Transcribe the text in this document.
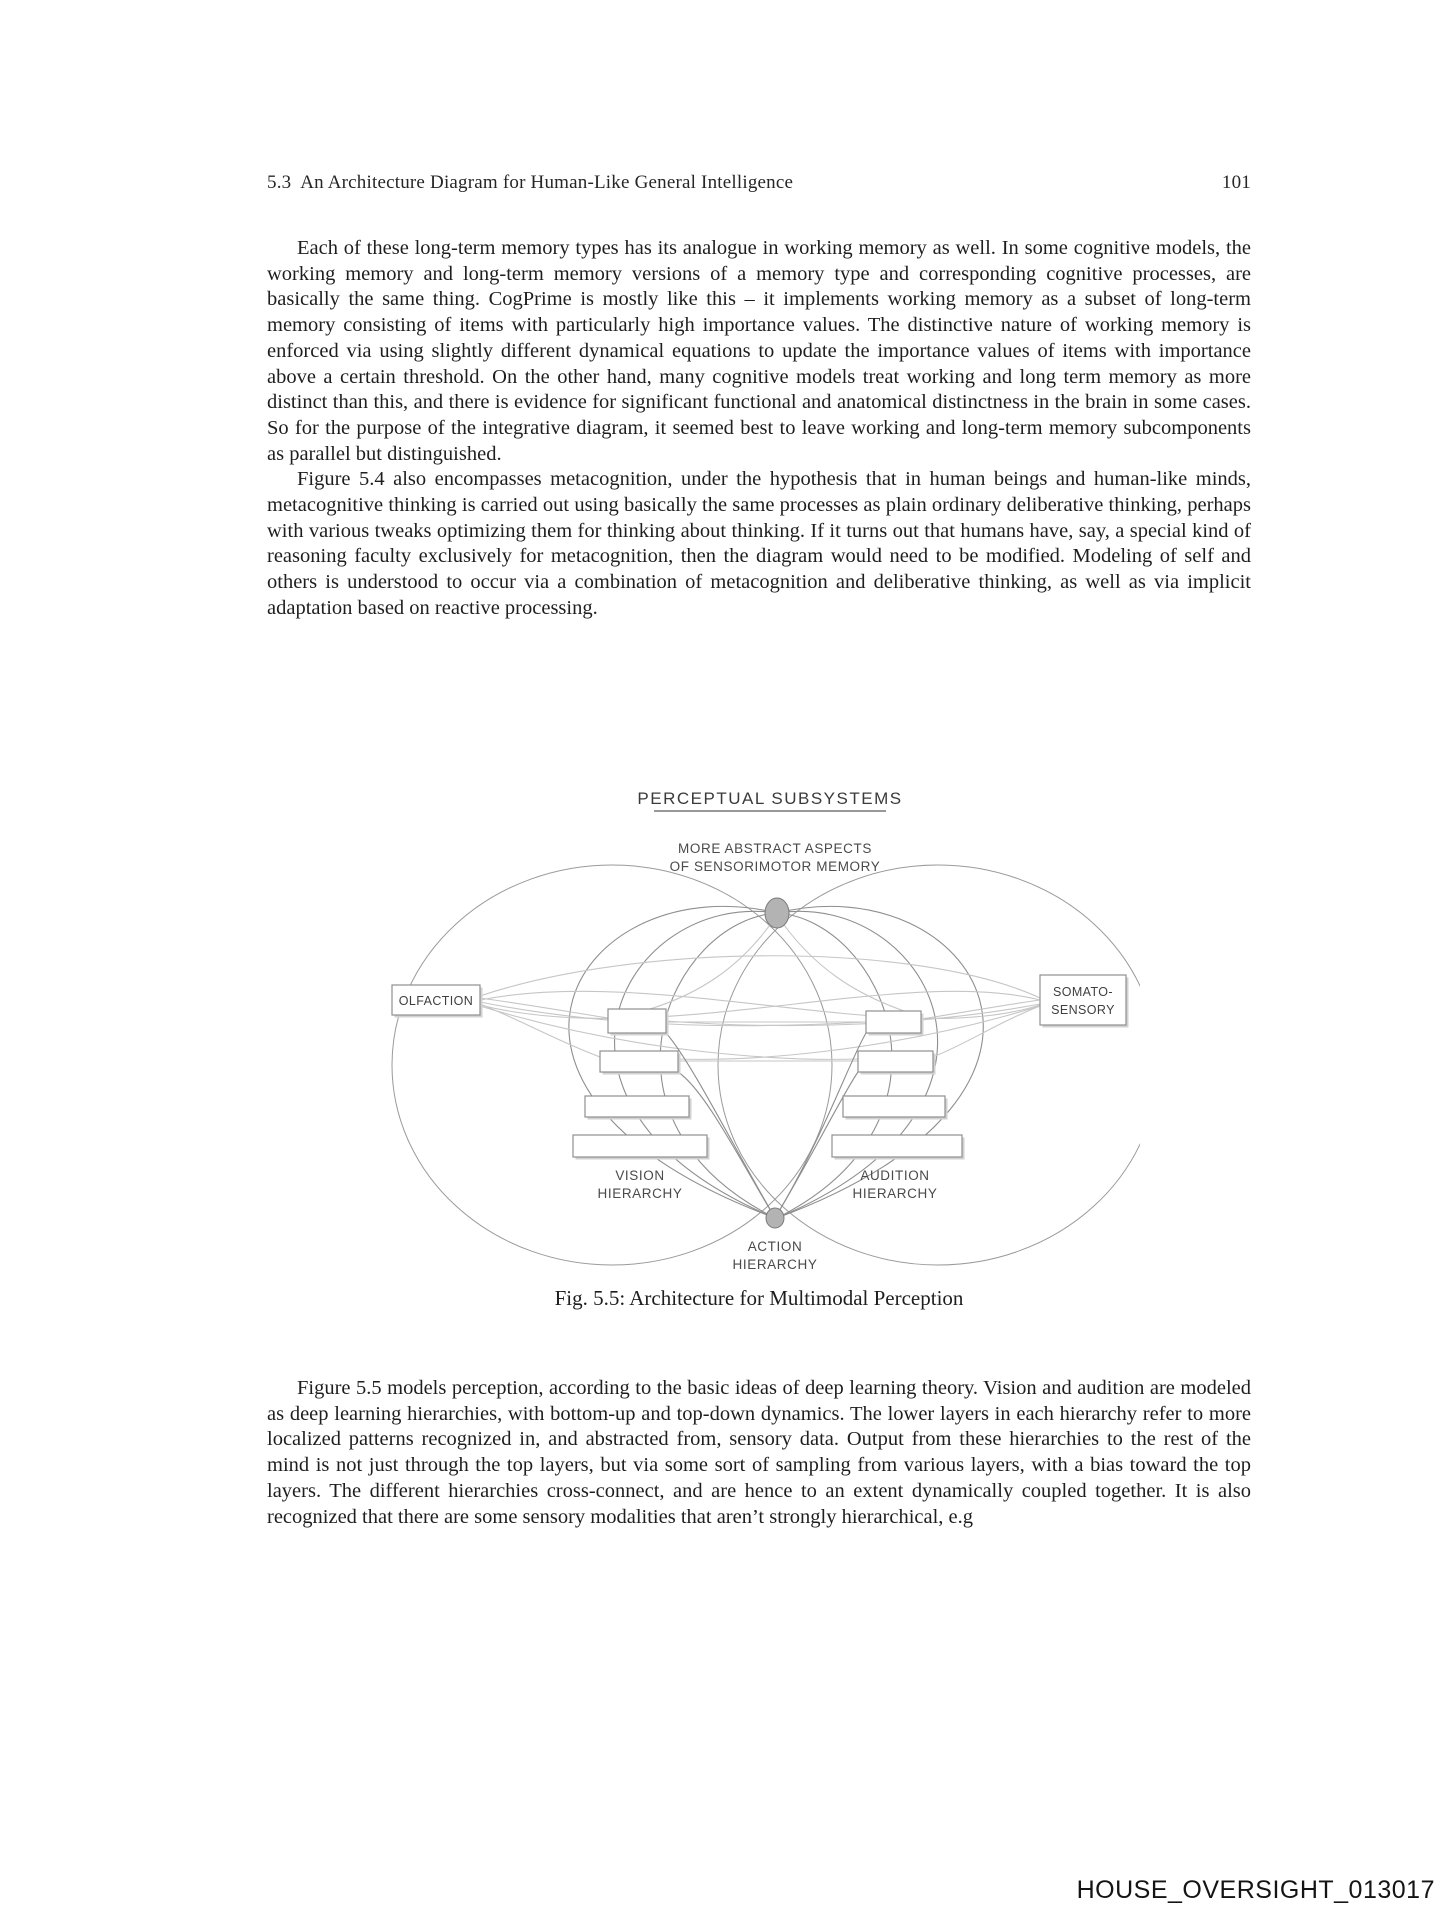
5.3  An Architecture Diagram for Human-Like General Intelligence	101

Each of these long-term memory types has its analogue in working memory as well. In some cognitive models, the working memory and long-term memory versions of a memory type and corresponding cognitive processes, are basically the same thing. CogPrime is mostly like this – it implements working memory as a subset of long-term memory consisting of items with particularly high importance values. The distinctive nature of working memory is enforced via using slightly different dynamical equations to update the importance values of items with importance above a certain threshold. On the other hand, many cognitive models treat working and long term memory as more distinct than this, and there is evidence for significant functional and anatomical distinctness in the brain in some cases. So for the purpose of the integrative diagram, it seemed best to leave working and long-term memory subcomponents as parallel but distinguished.

Figure 5.4 also encompasses metacognition, under the hypothesis that in human beings and human-like minds, metacognitive thinking is carried out using basically the same processes as plain ordinary deliberative thinking, perhaps with various tweaks optimizing them for thinking about thinking. If it turns out that humans have, say, a special kind of reasoning faculty exclusively for metacognition, then the diagram would need to be modified. Modeling of self and others is understood to occur via a combination of metacognition and deliberative thinking, as well as via implicit adaptation based on reactive processing.

PERCEPTUAL SUBSYSTEMS
MORE ABSTRACT ASPECTS
OF SENSORIMOTOR MEMORY
OLFACTION
SOMATO-
SENSORY
VISION
HIERARCHY
AUDITION
HIERARCHY
ACTION
HIERARCHY
Fig. 5.5: Architecture for Multimodal Perception

Figure 5.5 models perception, according to the basic ideas of deep learning theory. Vision and audition are modeled as deep learning hierarchies, with bottom-up and top-down dynamics. The lower layers in each hierarchy refer to more localized patterns recognized in, and abstracted from, sensory data. Output from these hierarchies to the rest of the mind is not just through the top layers, but via some sort of sampling from various layers, with a bias toward the top layers. The different hierarchies cross-connect, and are hence to an extent dynamically coupled together. It is also recognized that there are some sensory modalities that aren’t strongly hierarchical, e.g

HOUSE_OVERSIGHT_013017
